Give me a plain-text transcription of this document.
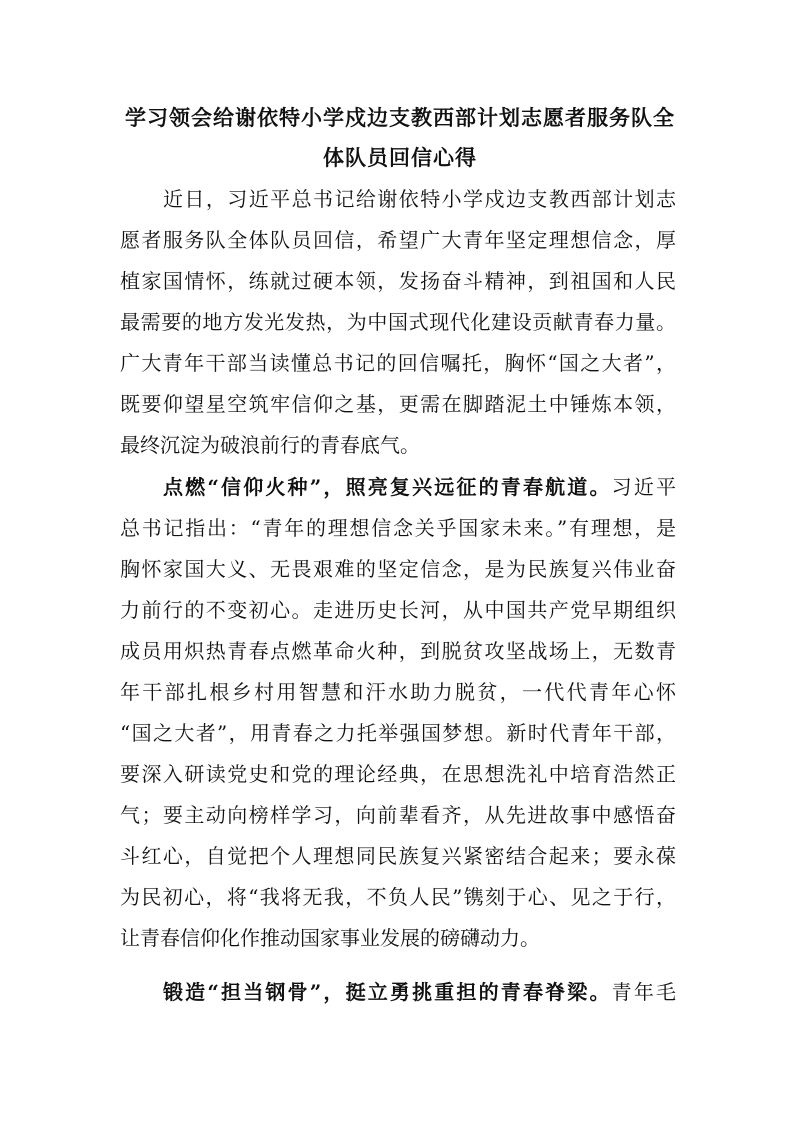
学习领会给谢依特小学戍边支教西部计划志愿者服务队全
体队员回信心得
近日，习近平总书记给谢依特小学戍边支教西部计划志
愿者服务队全体队员回信，希望广大青年坚定理想信念，厚
植家国情怀，练就过硬本领，发扬奋斗精神，到祖国和人民
最需要的地方发光发热，为中国式现代化建设贡献青春力量。
广大青年干部当读懂总书记的回信嘱托，胸怀“国之大者”，
既要仰望星空筑牢信仰之基，更需在脚踏泥土中锤炼本领，
最终沉淀为破浪前行的青春底气。
点燃“信仰火种”，照亮复兴远征的青春航道。习近平
总书记指出：“青年的理想信念关乎国家未来。”有理想，是
胸怀家国大义、无畏艰难的坚定信念，是为民族复兴伟业奋
力前行的不变初心。走进历史长河，从中国共产党早期组织
成员用炽热青春点燃革命火种，到脱贫攻坚战场上，无数青
年干部扎根乡村用智慧和汗水助力脱贫，一代代青年心怀
“国之大者”，用青春之力托举强国梦想。新时代青年干部，
要深入研读党史和党的理论经典，在思想洗礼中培育浩然正
气；要主动向榜样学习，向前辈看齐，从先进故事中感悟奋
斗红心，自觉把个人理想同民族复兴紧密结合起来；要永葆
为民初心，将“我将无我，不负人民”镌刻于心、见之于行，
让青春信仰化作推动国家事业发展的磅礴动力。
锻造“担当钢骨”，挺立勇挑重担的青春脊梁。青年毛
